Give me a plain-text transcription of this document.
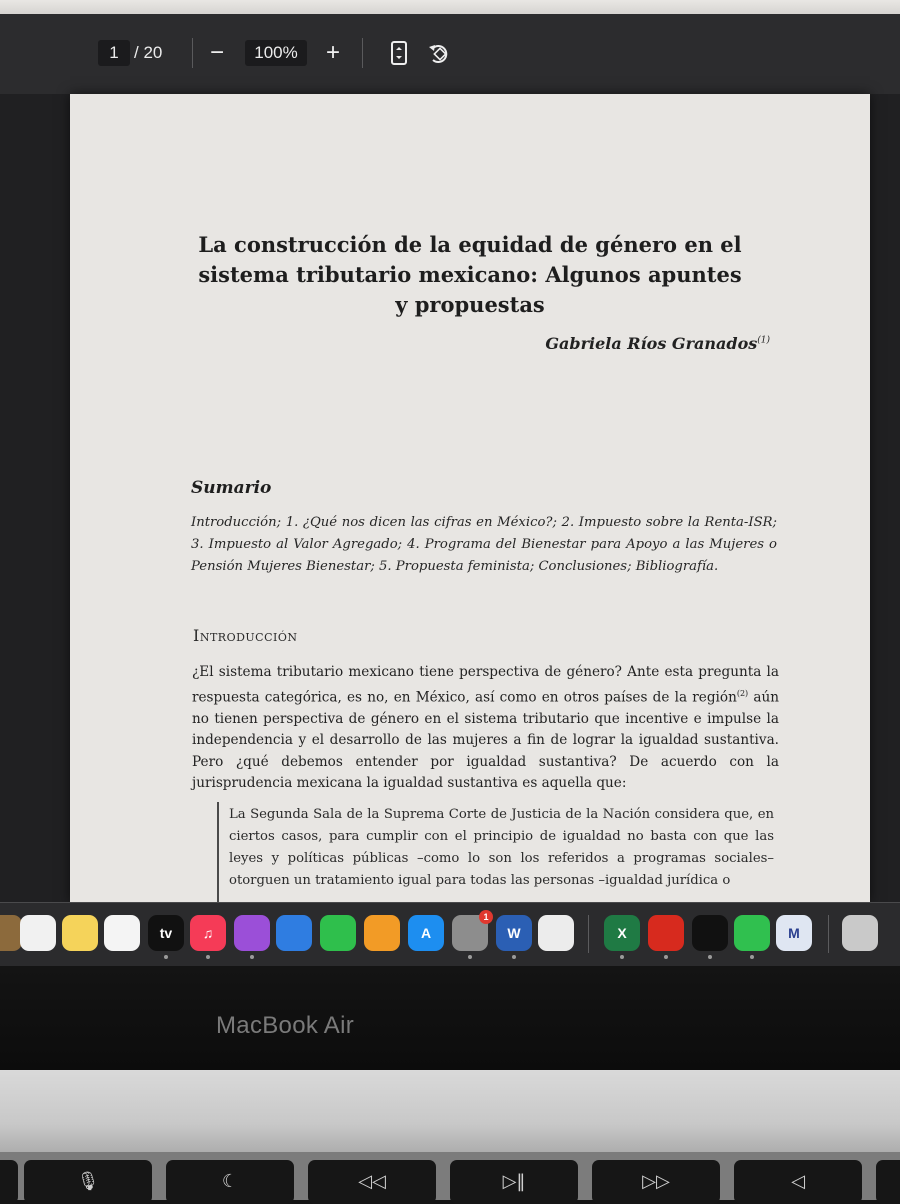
1 / 20	−	100%	+
La construcción de la equidad de género en el sistema tributario mexicano: Algunos apuntes y propuestas
Gabriela Ríos Granados$^{(1)}$
Sumario
Introducción; 1. ¿Qué nos dicen las cifras en México?; 2. Impuesto sobre la Renta-ISR; 3. Impuesto al Valor Agregado; 4. Programa del Bienestar para Apoyo a las Mujeres o Pensión Mujeres Bienestar; 5. Propuesta feminista; Conclusiones; Bibliografía.
Introducción
¿El sistema tributario mexicano tiene perspectiva de género? Ante esta pregunta la respuesta categórica, es no, en México, así como en otros países de la región$^{(2)}$ aún no tienen perspectiva de género en el sistema tributario que incentive e impulse la independencia y el desarrollo de las mujeres a fin de lograr la igualdad sustantiva. Pero ¿qué debemos entender por igualdad sustantiva? De acuerdo con la jurisprudencia mexicana la igualdad sustantiva es aquella que:
La Segunda Sala de la Suprema Corte de Justicia de la Nación considera que, en ciertos casos, para cumplir con el principio de igualdad no basta con que las leyes y políticas públicas –como lo son los referidos a programas sociales– otorguen un tratamiento igual para todas las personas –igualdad jurídica o
tv	♫	A
1
W	X	M
MacBook Air
🎙	☾	◁◁	▷‖	▷▷	◁
